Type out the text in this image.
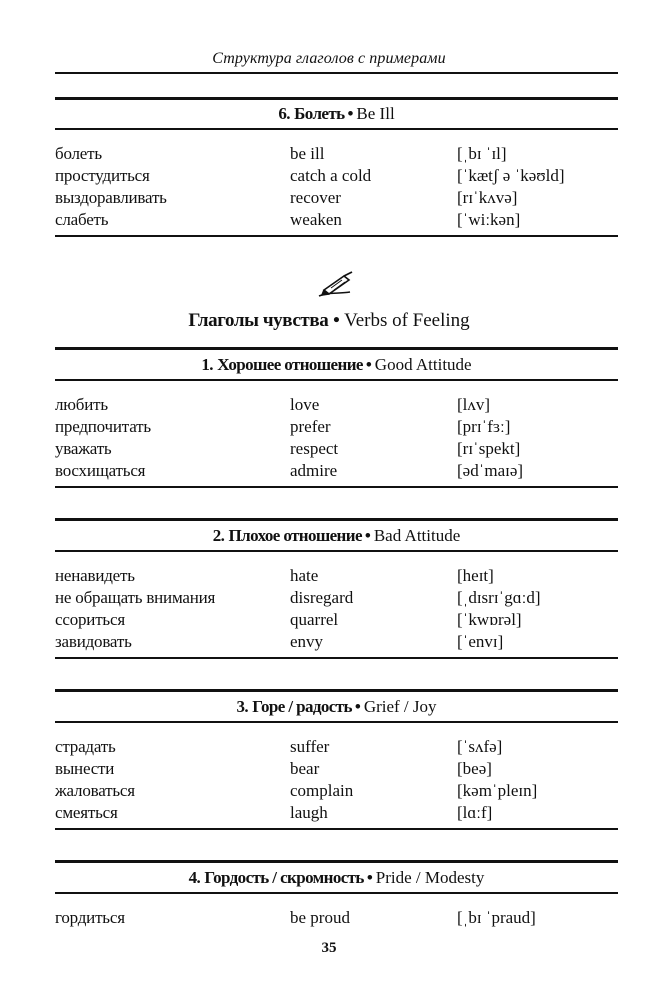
Структура глаголов с примерами
6. Болеть • Be Ill
болеть	be ill	[ˌbɪ ˈɪl]
простудиться	catch a cold	[ˈkætʃ ə ˈkəʊld]
выздоравливать	recover	[rɪˈkʌvə]
слабеть	weaken	[ˈwiːkən]
Глаголы чувства • Verbs of Feeling
1. Хорошее отношение • Good Attitude
любить	love	[lʌv]
предпочитать	prefer	[prɪˈfɜː]
уважать	respect	[rɪˈspekt]
восхищаться	admire	[ədˈmaɪə]
2. Плохое отношение • Bad Attitude
ненавидеть	hate	[heɪt]
не обращать внимания	disregard	[ˌdɪsrɪˈgɑːd]
ссориться	quarrel	[ˈkwɒrəl]
завидовать	envy	[ˈenvɪ]
3. Горе / радость • Grief / Joy
страдать	suffer	[ˈsʌfə]
вынести	bear	[beə]
жаловаться	complain	[kəmˈpleɪn]
смеяться	laugh	[lɑːf]
4. Гордость / скромность • Pride / Modesty
гордиться	be proud	[ˌbɪ ˈpraud]
35
